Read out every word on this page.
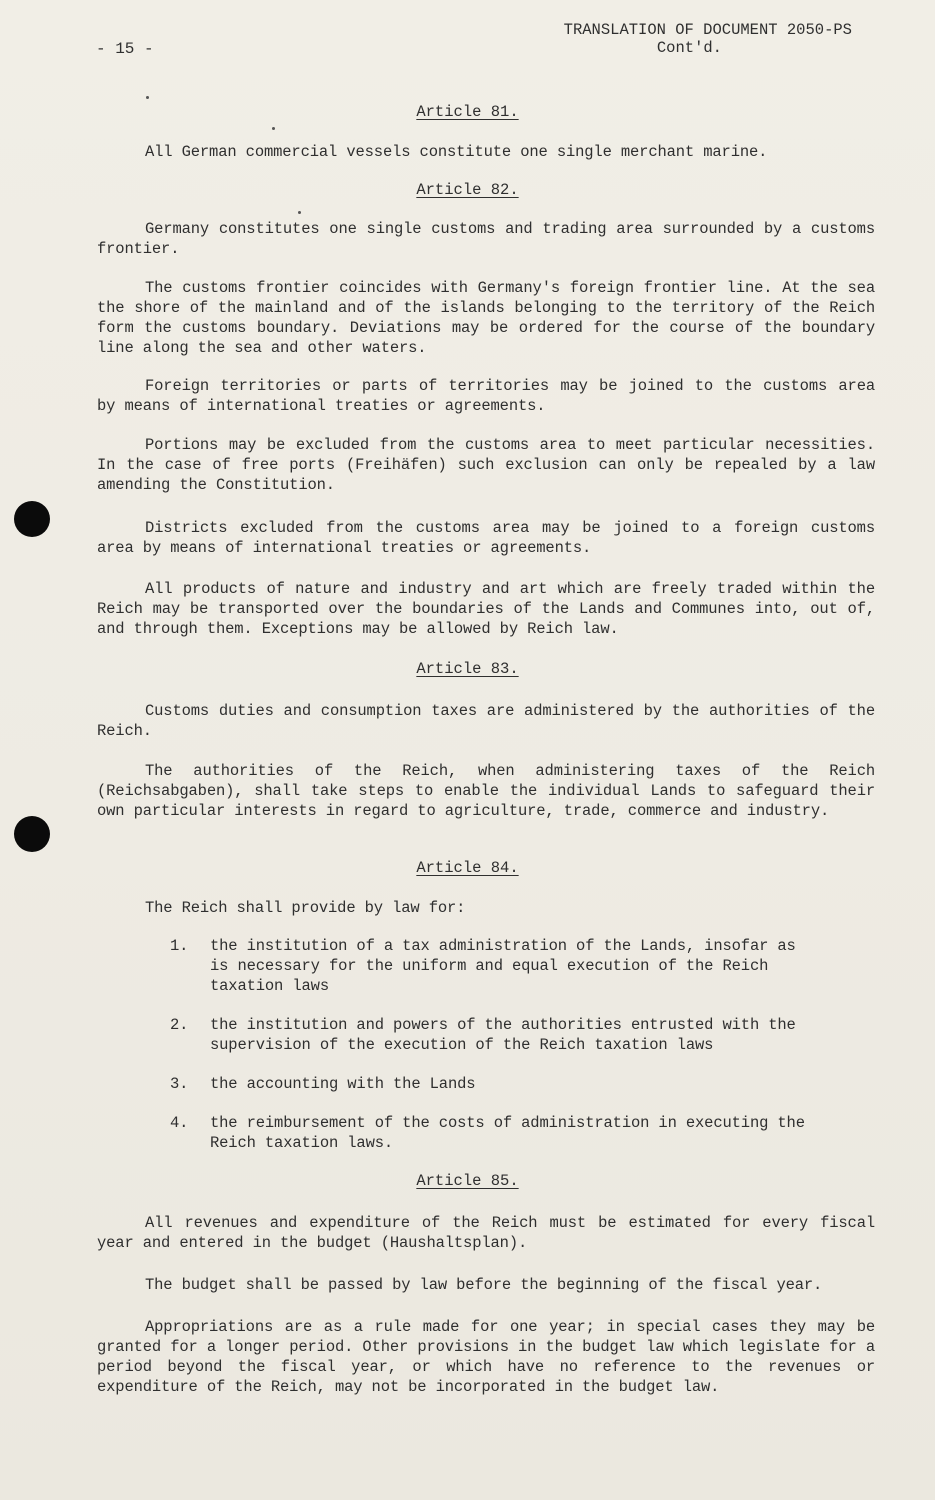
- 15 -
TRANSLATION OF DOCUMENT 2050-PS
Cont'd.
Article 81.
All German commercial vessels constitute one single merchant marine.
Article 82.
Germany constitutes one single customs and trading area surrounded by a customs frontier.
The customs frontier coincides with Germany's foreign frontier line. At the sea the shore of the mainland and of the islands belonging to the territory of the Reich form the customs boundary. Deviations may be ordered for the course of the boundary line along the sea and other waters.
Foreign territories or parts of territories may be joined to the customs area by means of international treaties or agreements.
Portions may be excluded from the customs area to meet particular necessities. In the case of free ports (Freihäfen) such exclusion can only be repealed by a law amending the Constitution.
Districts excluded from the customs area may be joined to a foreign customs area by means of international treaties or agreements.
All products of nature and industry and art which are freely traded within the Reich may be transported over the boundaries of the Lands and Communes into, out of, and through them. Exceptions may be allowed by Reich law.
Article 83.
Customs duties and consumption taxes are administered by the authorities of the Reich.
The authorities of the Reich, when administering taxes of the Reich (Reichsabgaben), shall take steps to enable the individual Lands to safeguard their own particular interests in regard to agriculture, trade, commerce and industry.
Article 84.
The Reich shall provide by law for:
1.	the institution of a tax administration of the Lands, insofar as is necessary for the uniform and equal execution of the Reich taxation laws
2.	the institution and powers of the authorities entrusted with the supervision of the execution of the Reich taxation laws
3.	the accounting with the Lands
4.	the reimbursement of the costs of administration in executing the Reich taxation laws.
Article 85.
All revenues and expenditure of the Reich must be estimated for every fiscal year and entered in the budget (Haushaltsplan).
The budget shall be passed by law before the beginning of the fiscal year.
Appropriations are as a rule made for one year; in special cases they may be granted for a longer period. Other provisions in the budget law which legislate for a period beyond the fiscal year, or which have no reference to the revenues or expenditure of the Reich, may not be incorporated in the budget law.
